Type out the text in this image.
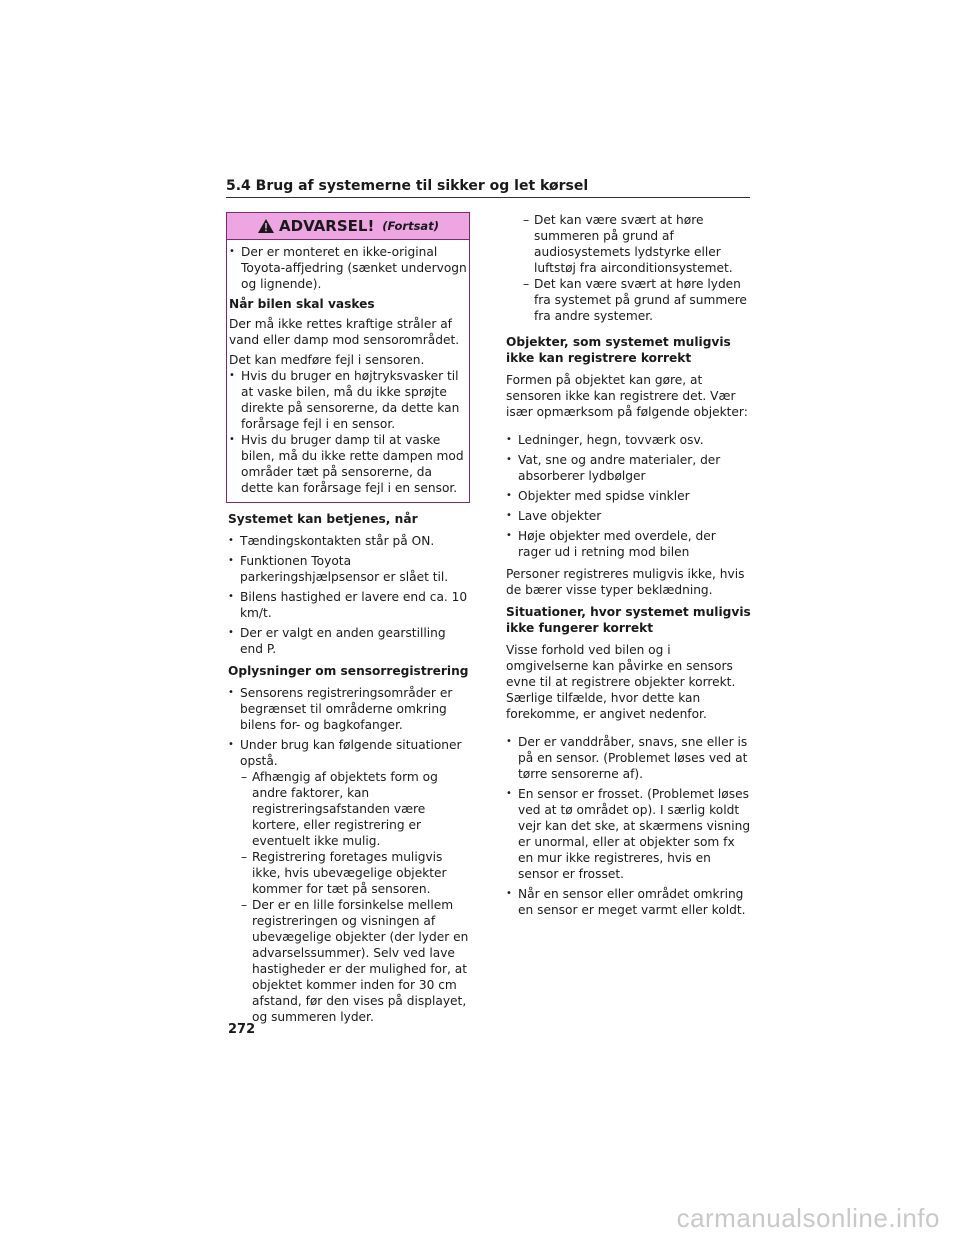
5.4 Brug af systemerne til sikker og let kørsel
ADVARSEL! (Fortsat)
• Der er monteret en ikke-original Toyota-affjedring (sænket undervogn og lignende).
Når bilen skal vaskes

Der må ikke rettes kraftige stråler af vand eller damp mod sensorområdet.

Det kan medføre fejl i sensoren.

• Hvis du bruger en højtryksvasker til at vaske bilen, må du ikke sprøjte direkte på sensorerne, da dette kan forårsage fejl i en sensor.
• Hvis du bruger damp til at vaske bilen, må du ikke rette dampen mod områder tæt på sensorerne, da dette kan forårsage fejl i en sensor.
Systemet kan betjenes, når
• Tændingskontakten står på ON.
• Funktionen Toyota parkeringshjælpsensor er slået til.
• Bilens hastighed er lavere end ca. 10 km/t.
• Der er valgt en anden gearstilling end P.
Oplysninger om sensorregistrering
• Sensorens registreringsområder er begrænset til områderne omkring bilens for- og bagkofanger.
• Under brug kan følgende situationer opstå.
– Afhængig af objektets form og andre faktorer, kan registreringsafstanden være kortere, eller registrering er eventuelt ikke mulig.
– Registrering foretages muligvis ikke, hvis ubevægelige objekter kommer for tæt på sensoren.
– Der er en lille forsinkelse mellem registreringen og visningen af ubevægelige objekter (der lyder en advarselssummer). Selv ved lave hastigheder er der mulighed for, at objektet kommer inden for 30 cm afstand, før den vises på displayet, og summeren lyder.
– Det kan være svært at høre summeren på grund af audiosystemets lydstyrke eller luftstøj fra airconditionsystemet.
– Det kan være svært at høre lyden fra systemet på grund af summere fra andre systemer.
Objekter, som systemet muligvis ikke kan registrere korrekt

Formen på objektet kan gøre, at sensoren ikke kan registrere det. Vær især opmærksom på følgende objekter:

• Ledninger, hegn, tovværk osv.
• Vat, sne og andre materialer, der absorberer lydbølger
• Objekter med spidse vinkler
• Lave objekter
• Høje objekter med overdele, der rager ud i retning mod bilen

Personer registreres muligvis ikke, hvis de bærer visse typer beklædning.

Situationer, hvor systemet muligvis ikke fungerer korrekt

Visse forhold ved bilen og i omgivelserne kan påvirke en sensors evne til at registrere objekter korrekt. Særlige tilfælde, hvor dette kan forekomme, er angivet nedenfor.

• Der er vanddråber, snavs, sne eller is på en sensor. (Problemet løses ved at tørre sensorerne af).
• En sensor er frosset. (Problemet løses ved at tø området op). I særlig koldt vejr kan det ske, at skærmens visning er unormal, eller at objekter som fx en mur ikke registreres, hvis en sensor er frosset.
• Når en sensor eller området omkring en sensor er meget varmt eller koldt.
272
carmanualsonline.info
